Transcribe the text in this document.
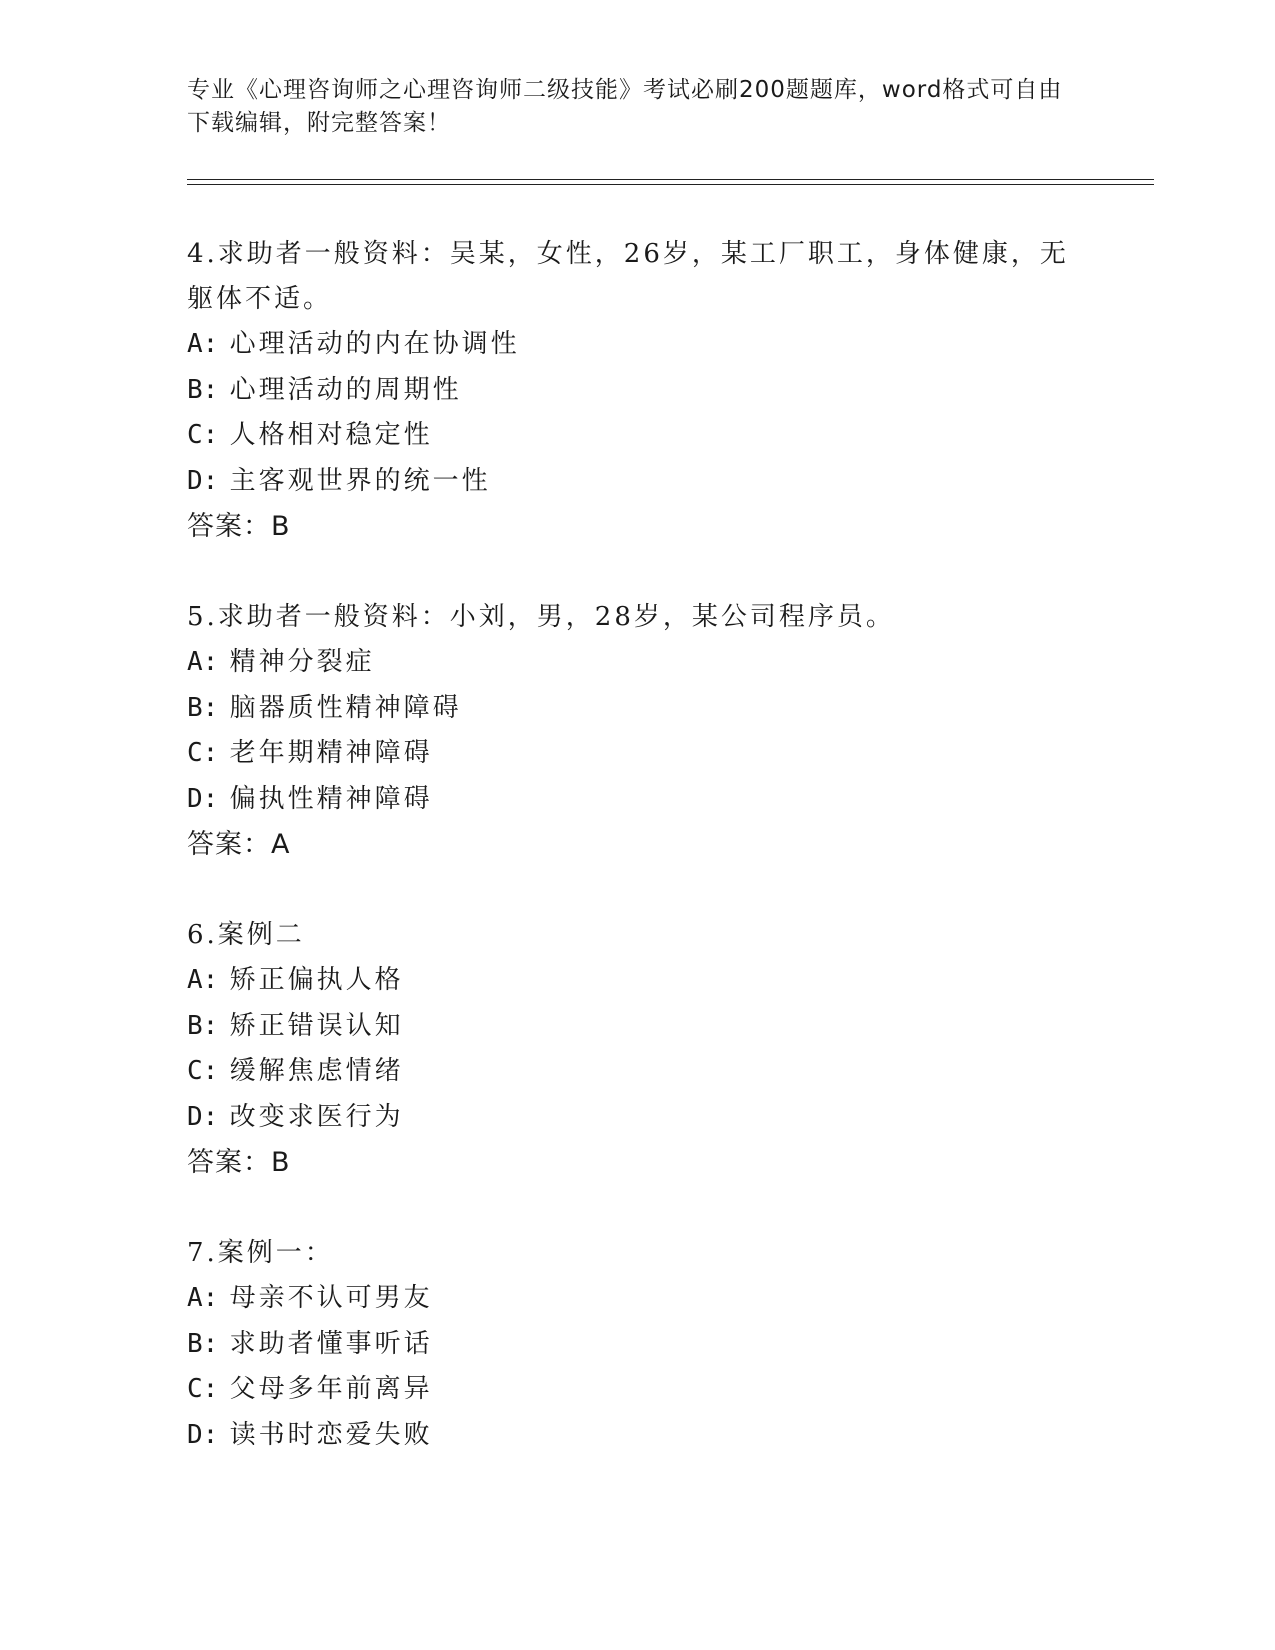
专业《心理咨询师之心理咨询师二级技能》考试必刷200题题库，word格式可自由下载编辑，附完整答案！
4.求助者一般资料：吴某，女性，26岁，某工厂职工，身体健康，无躯体不适。
A: 心理活动的内在协调性
B: 心理活动的周期性
C: 人格相对稳定性
D: 主客观世界的统一性
答案：B
5.求助者一般资料：小刘，男，28岁，某公司程序员。
A: 精神分裂症
B: 脑器质性精神障碍
C: 老年期精神障碍
D: 偏执性精神障碍
答案：A
6.案例二
A: 矫正偏执人格
B: 矫正错误认知
C: 缓解焦虑情绪
D: 改变求医行为
答案：B
7.案例一：
A: 母亲不认可男友
B: 求助者懂事听话
C: 父母多年前离异
D: 读书时恋爱失败
